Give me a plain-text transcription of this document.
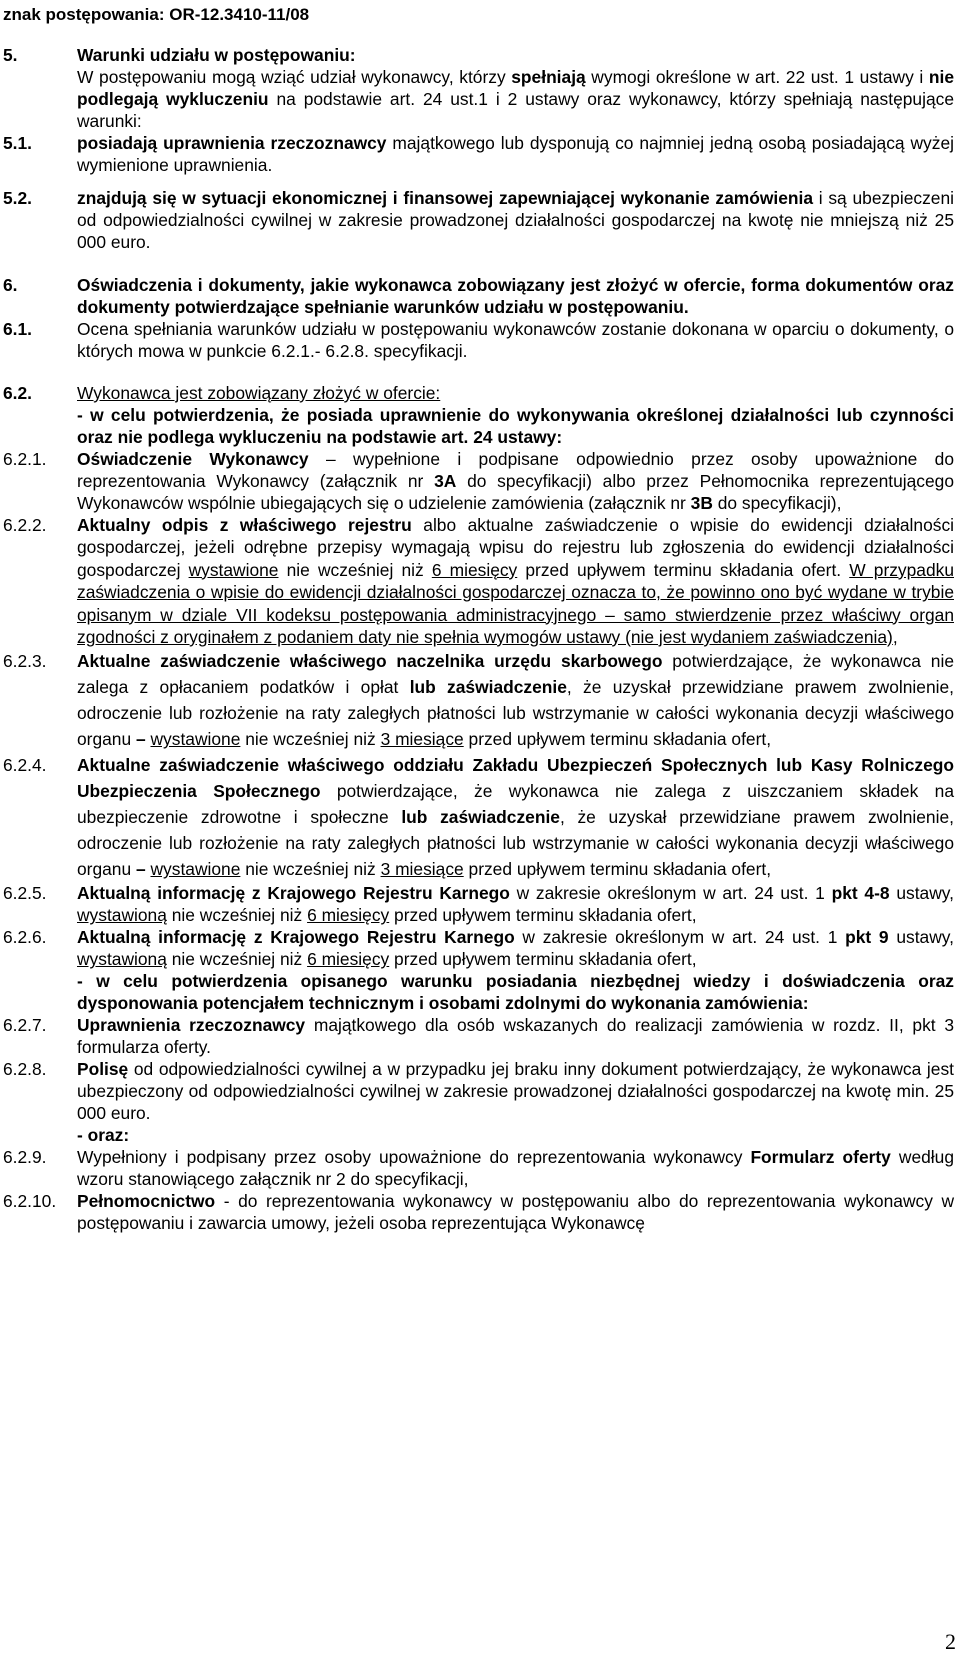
znak postępowania: OR-12.3410-11/08
5.	Warunki udziału w postępowaniu:
W postępowaniu mogą wziąć udział wykonawcy, którzy spełniają wymogi określone w art. 22 ust. 1 ustawy i nie podlegają wykluczeniu na podstawie art. 24 ust.1 i 2 ustawy oraz wykonawcy, którzy spełniają następujące warunki:
5.1.	posiadają uprawnienia rzeczoznawcy majątkowego lub dysponują co najmniej jedną osobą posiadającą wyżej wymienione uprawnienia.
5.2.	znajdują się w sytuacji ekonomicznej i finansowej zapewniającej wykonanie zamówienia i są ubezpieczeni od odpowiedzialności cywilnej w zakresie prowadzonej działalności gospodarczej na kwotę nie mniejszą niż 25 000 euro.
6.	Oświadczenia i dokumenty, jakie wykonawca zobowiązany jest złożyć w ofercie, forma dokumentów oraz dokumenty potwierdzające spełnianie warunków udziału w postępowaniu.
6.1.	Ocena spełniania warunków udziału w postępowaniu wykonawców zostanie dokonana w oparciu o dokumenty, o których mowa w punkcie 6.2.1.- 6.2.8. specyfikacji.
6.2.	Wykonawca jest zobowiązany złożyć w ofercie:
- w celu potwierdzenia, że posiada uprawnienie do wykonywania określonej działalności lub czynności oraz nie podlega wykluczeniu na podstawie art. 24 ustawy:
6.2.1.	Oświadczenie Wykonawcy – wypełnione i podpisane odpowiednio przez osoby upoważnione do reprezentowania Wykonawcy (załącznik nr 3A do specyfikacji) albo przez Pełnomocnika reprezentującego Wykonawców wspólnie ubiegających się o udzielenie zamówienia (załącznik nr 3B do specyfikacji),
6.2.2.	Aktualny odpis z właściwego rejestru albo aktualne zaświadczenie o wpisie do ewidencji działalności gospodarczej, jeżeli odrębne przepisy wymagają wpisu do rejestru lub zgłoszenia do ewidencji działalności gospodarczej wystawione nie wcześniej niż 6 miesięcy przed upływem terminu składania ofert. W przypadku zaświadczenia o wpisie do ewidencji działalności gospodarczej oznacza to, że powinno ono być wydane w trybie opisanym w dziale VII kodeksu postępowania administracyjnego – samo stwierdzenie przez właściwy organ zgodności z oryginałem z podaniem daty nie spełnia wymogów ustawy (nie jest wydaniem zaświadczenia),
6.2.3.	Aktualne zaświadczenie właściwego naczelnika urzędu skarbowego potwierdzające, że wykonawca nie zalega z opłacaniem podatków i opłat lub zaświadczenie, że uzyskał przewidziane prawem zwolnienie, odroczenie lub rozłożenie na raty zaległych płatności lub wstrzymanie w całości wykonania decyzji właściwego organu – wystawione nie wcześniej niż 3 miesiące przed upływem terminu składania ofert,
6.2.4.	Aktualne zaświadczenie właściwego oddziału Zakładu Ubezpieczeń Społecznych lub Kasy Rolniczego Ubezpieczenia Społecznego potwierdzające, że wykonawca nie zalega z uiszczaniem składek na ubezpieczenie zdrowotne i społeczne lub zaświadczenie, że uzyskał przewidziane prawem zwolnienie, odroczenie lub rozłożenie na raty zaległych płatności lub wstrzymanie w całości wykonania decyzji właściwego organu – wystawione nie wcześniej niż 3 miesiące przed upływem terminu składania ofert,
6.2.5.	Aktualną informację z Krajowego Rejestru Karnego w zakresie określonym w art. 24 ust. 1 pkt 4-8 ustawy, wystawioną nie wcześniej niż 6 miesięcy przed upływem terminu składania ofert,
6.2.6.	Aktualną informację z Krajowego Rejestru Karnego w zakresie określonym w art. 24 ust. 1 pkt 9 ustawy, wystawioną nie wcześniej niż 6 miesięcy przed upływem terminu składania ofert,
- w celu potwierdzenia opisanego warunku posiadania niezbędnej wiedzy i doświadczenia oraz dysponowania potencjałem technicznym i osobami zdolnymi do wykonania zamówienia:
6.2.7.	Uprawnienia rzeczoznawcy majątkowego dla osób wskazanych do realizacji zamówienia w rozdz. II, pkt 3 formularza oferty.
6.2.8.	Polisę od odpowiedzialności cywilnej a w przypadku jej braku inny dokument potwierdzający, że wykonawca jest ubezpieczony od odpowiedzialności cywilnej w zakresie prowadzonej działalności gospodarczej na kwotę min. 25 000 euro.
- oraz:
6.2.9.	Wypełniony i podpisany przez osoby upoważnione do reprezentowania wykonawcy Formularz oferty według wzoru stanowiącego załącznik nr 2 do specyfikacji,
6.2.10.	Pełnomocnictwo - do reprezentowania wykonawcy w postępowaniu albo do reprezentowania wykonawcy w postępowaniu i zawarcia umowy, jeżeli osoba reprezentująca Wykonawcę
2
